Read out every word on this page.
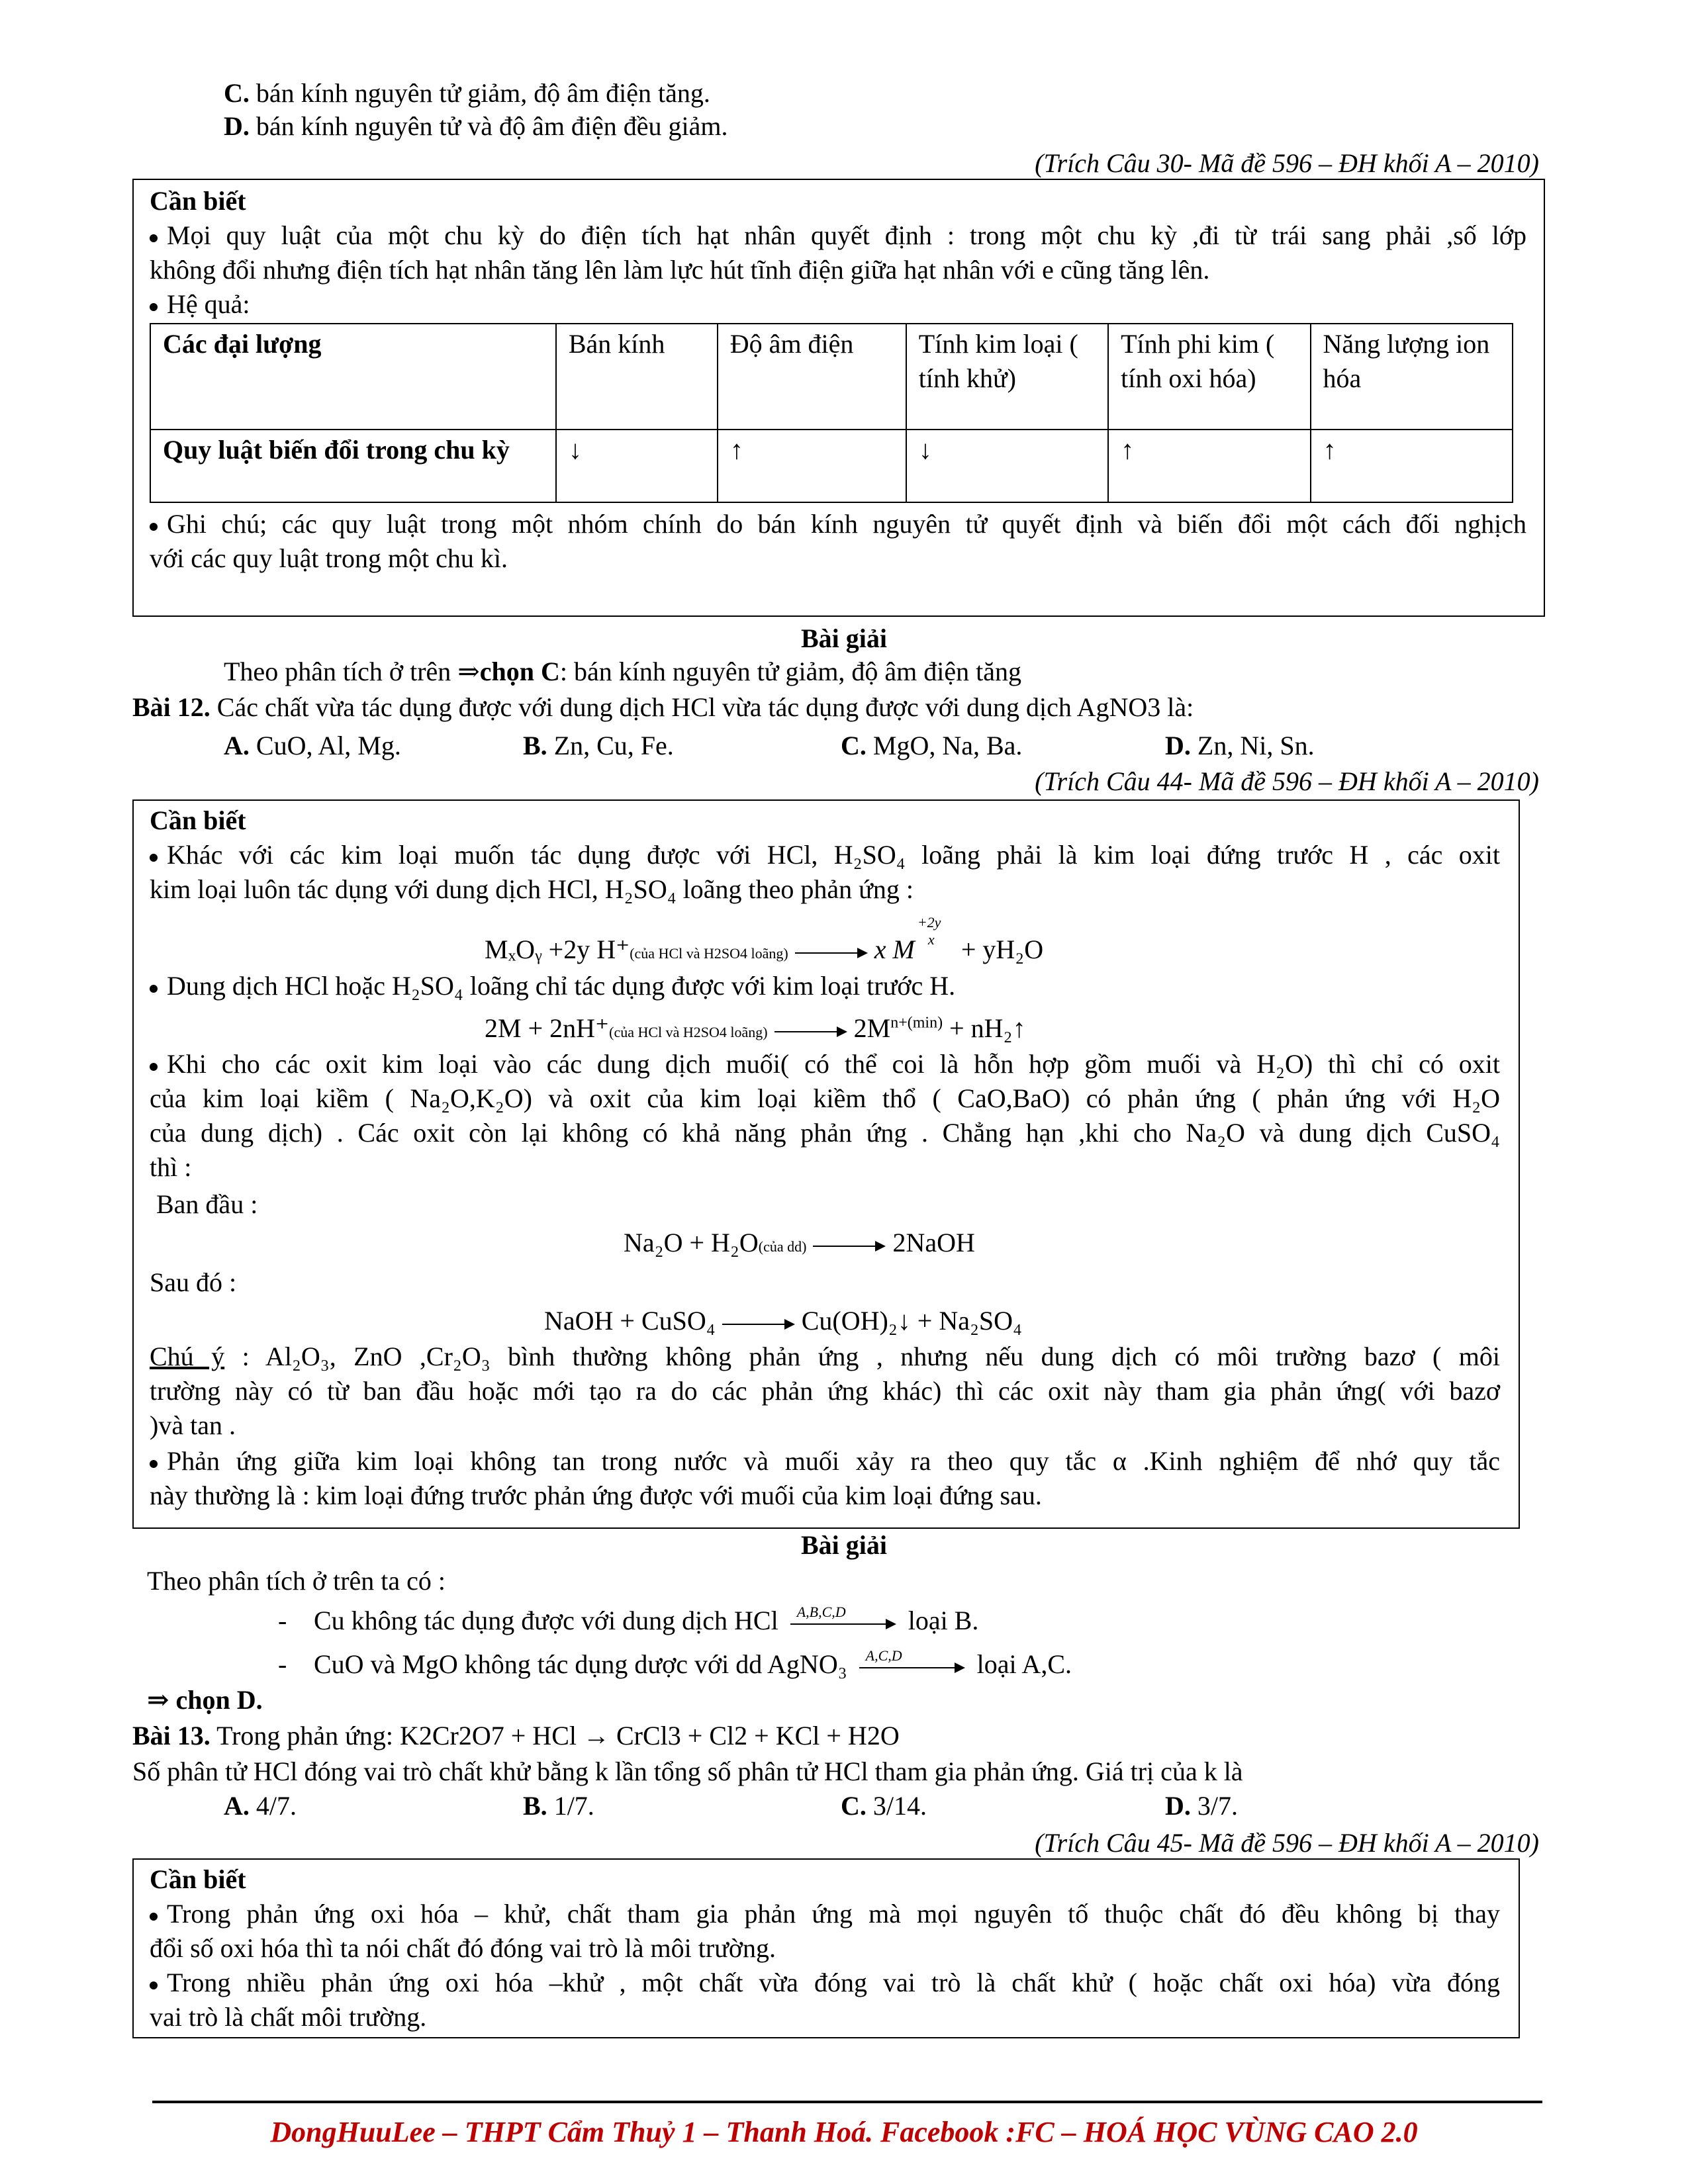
C. bán kính nguyên tử giảm, độ âm điện tăng.
D. bán kính nguyên tử và độ âm điện đều giảm.
(Trích Câu 30- Mã đề 596 – ĐH khối A – 2010)
Cần biết
Mọi quy luật của một chu kỳ do điện tích hạt nhân quyết định : trong một chu kỳ ,đi từ trái sang phải ,số lớp
không đổi nhưng điện tích hạt nhân tăng lên làm lực hút tĩnh điện giữa hạt nhân với e cũng tăng lên.
Hệ quả:
Các đại lượng	Bán kính	Độ âm điện	Tính kim loại ( tính khử)	Tính phi kim ( tính oxi hóa)	Năng lượng ion hóa
Quy luật biến đổi trong chu kỳ	↓	↑	↓	↑	↑
Ghi chú; các quy luật trong một nhóm chính do bán kính nguyên tử quyết định và biến đổi một cách đối nghịch
với các quy luật trong một chu kì.
Bài giải
Theo phân tích ở trên ⇒chọn C: bán kính nguyên tử giảm, độ âm điện tăng
Bài 12. Các chất vừa tác dụng được với dung dịch HCl vừa tác dụng được với dung dịch AgNO3 là:
A. CuO, Al, Mg.	B. Zn, Cu, Fe.	C. MgO, Na, Ba.	D. Zn, Ni, Sn.
(Trích Câu 44- Mã đề 596 – ĐH khối A – 2010)
Cần biết
Khác với các kim loại muốn tác dụng được với HCl, H₂SO₄ loãng phải là kim loại đứng trước H , các oxit
kim loại luôn tác dụng với dung dịch HCl, H₂SO₄ loãng theo phản ứng :
MₓOᵧ +2y H⁺(của HCl và H2SO4 loãng)	x M
+2y
x + yH₂O
Dung dịch HCl hoặc H₂SO₄ loãng chỉ tác dụng được với kim loại trước H.
2M + 2nH⁺(của HCl và H2SO4 loãng)	$2M^{n+(min)}$ + nH₂↑
Khi cho các oxit kim loại vào các dung dịch muối( có thể coi là hỗn hợp gồm muối và H₂O) thì chỉ có oxit
của kim loại kiềm ( Na₂O,K₂O) và oxit của kim loại kiềm thổ ( CaO,BaO) có phản ứng ( phản ứng với H₂O
của dung dịch) . Các oxit còn lại không có khả năng phản ứng . Chẳng hạn ,khi cho Na₂O và dung dịch CuSO₄
thì :
Ban đầu :
Na₂O + H₂O(của dd)	2NaOH
Sau đó :
NaOH + CuSO₄	Cu(OH)₂↓ + Na₂SO₄
Chú ý : Al₂O₃, ZnO ,Cr₂O₃ bình thường không phản ứng , nhưng nếu dung dịch có môi trường bazơ ( môi
trường này có từ ban đầu hoặc mới tạo ra do các phản ứng khác) thì các oxit này tham gia phản ứng( với bazơ
)và tan .
Phản ứng giữa kim loại không tan trong nước và muối xảy ra theo quy tắc α .Kinh nghiệm để nhớ quy tắc
này thường là : kim loại đứng trước phản ứng được với muối của kim loại đứng sau.
Bài giải
Theo phân tích ở trên ta có :
- Cu không tác dụng được với dung dịch HCl A,B,C,D loại B.
- CuO và MgO không tác dụng dược với dd AgNO₃ A,C,D	loại A,C.
⇒ chọn D.
Bài 13. Trong phản ứng: K2Cr2O7 + HCl → CrCl3 + Cl2 + KCl + H2O
Số phân tử HCl đóng vai trò chất khử bằng k lần tổng số phân tử HCl tham gia phản ứng. Giá trị của k là
A. 4/7.	B. 1/7.	C. 3/14.	D. 3/7.
(Trích Câu 45- Mã đề 596 – ĐH khối A – 2010)
Cần biết
Trong phản ứng oxi hóa – khử, chất tham gia phản ứng mà mọi nguyên tố thuộc chất đó đều không bị thay
đổi số oxi hóa thì ta nói chất đó đóng vai trò là môi trường.
Trong nhiều phản ứng oxi hóa –khử , một chất vừa đóng vai trò là chất khử ( hoặc chất oxi hóa) vừa đóng
vai trò là chất môi trường.
DongHuuLee – THPT Cẩm Thuỷ 1 – Thanh Hoá. Facebook :FC – HOÁ HỌC VÙNG CAO 2.0
